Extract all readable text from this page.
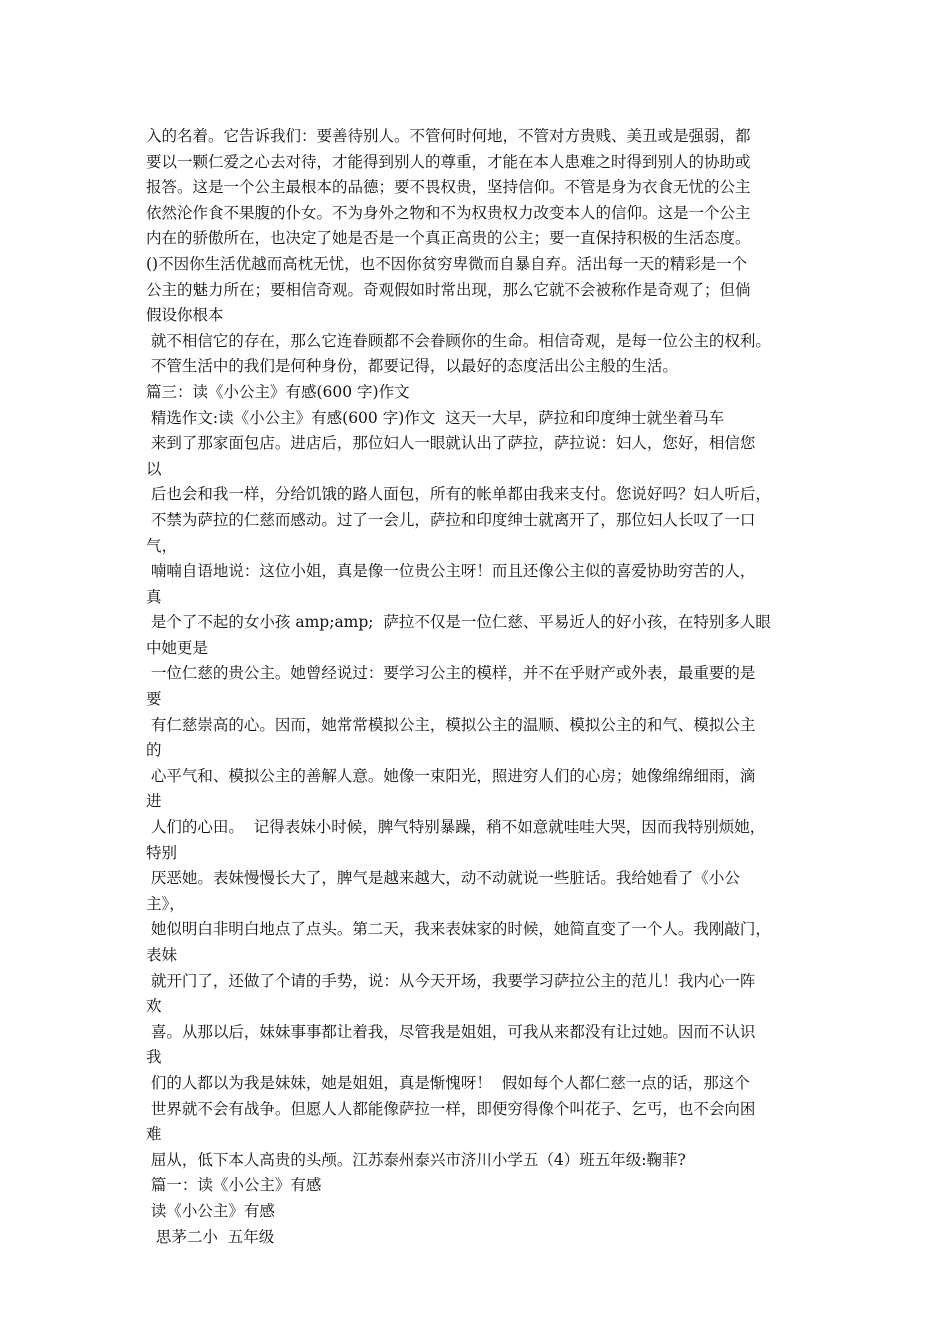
入的名着。它告诉我们：要善待别人。不管何时何地，不管对方贵贱、美丑或是强弱，都
要以一颗仁爱之心去对待，才能得到别人的尊重，才能在本人患难之时得到别人的协助或
报答。这是一个公主最根本的品德；要不畏权贵，坚持信仰。不管是身为衣食无忧的公主
依然沦作食不果腹的仆女。不为身外之物和不为权贵权力改变本人的信仰。这是一个公主
内在的骄傲所在，也决定了她是否是一个真正高贵的公主；要一直保持积极的生活态度。
()不因你生活优越而高枕无忧，也不因你贫穷卑微而自暴自弃。活出每一天的精彩是一个
公主的魅力所在；要相信奇观。奇观假如时常出现，那么它就不会被称作是奇观了；但倘
假设你根本
就不相信它的存在，那么它连眷顾都不会眷顾你的生命。相信奇观，是每一位公主的权利。
不管生活中的我们是何种身份，都要记得，以最好的态度活出公主般的生活。
篇三：读《小公主》有感(600 字)作文
精选作文:读《小公主》有感(600 字)作文  这天一大早，萨拉和印度绅士就坐着马车
来到了那家面包店。进店后，那位妇人一眼就认出了萨拉，萨拉说：妇人，您好，相信您
以
后也会和我一样，分给饥饿的路人面包，所有的帐单都由我来支付。您说好吗？妇人听后，
不禁为萨拉的仁慈而感动。过了一会儿，萨拉和印度绅士就离开了，那位妇人长叹了一口
气，
喃喃自语地说：这位小姐，真是像一位贵公主呀！而且还像公主似的喜爱协助穷苦的人，
真
是个了不起的女小孩 amp;amp;  萨拉不仅是一位仁慈、平易近人的好小孩，在特别多人眼
中她更是
一位仁慈的贵公主。她曾经说过：要学习公主的模样，并不在乎财产或外表，最重要的是
要
有仁慈崇高的心。因而，她常常模拟公主，模拟公主的温顺、模拟公主的和气、模拟公主
的
心平气和、模拟公主的善解人意。她像一束阳光，照进穷人们的心房；她像绵绵细雨，滴
进
人们的心田。  记得表妹小时候，脾气特别暴躁，稍不如意就哇哇大哭，因而我特别烦她，
特别
厌恶她。表妹慢慢长大了，脾气是越来越大，动不动就说一些脏话。我给她看了《小公
主》，
她似明白非明白地点了点头。第二天，我来表妹家的时候，她简直变了一个人。我刚敲门，
表妹
就开门了，还做了个请的手势，说：从今天开场，我要学习萨拉公主的范儿！我内心一阵
欢
喜。从那以后，妹妹事事都让着我，尽管我是姐姐，可我从来都没有让过她。因而不认识
我
们的人都以为我是妹妹，她是姐姐，真是惭愧呀！  假如每个人都仁慈一点的话，那这个
世界就不会有战争。但愿人人都能像萨拉一样，即便穷得像个叫花子、乞丐，也不会向困
难
屈从，低下本人高贵的头颅。江苏泰州泰兴市济川小学五（4）班五年级:鞠菲?
篇一：读《小公主》有感
读《小公主》有感
思茅二小  五年级
